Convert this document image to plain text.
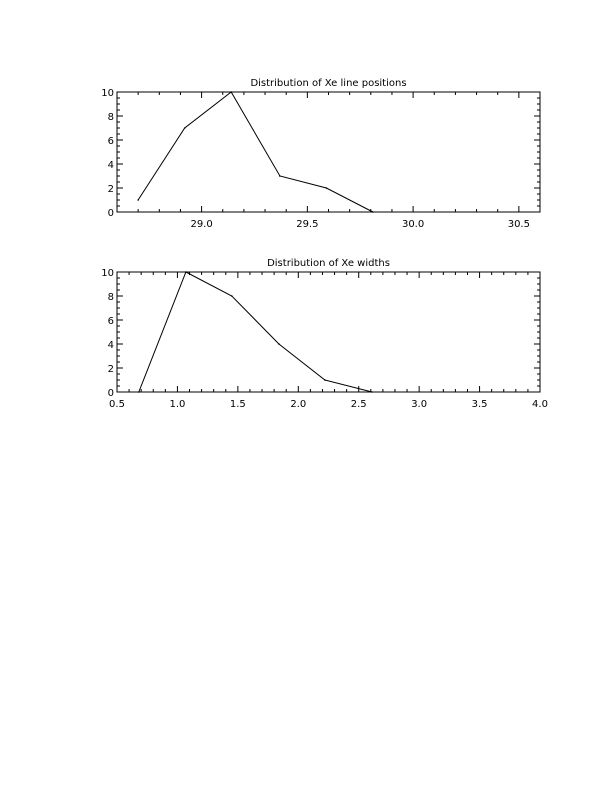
Distribution of Xe line positions
29.0	29.5	30.0	30.5
0
2
4
6
8
10
Distribution of Xe widths
0.5	1.0	1.5	2.0	2.5	3.0	3.5	4.0
0
2
4
6
8
10
